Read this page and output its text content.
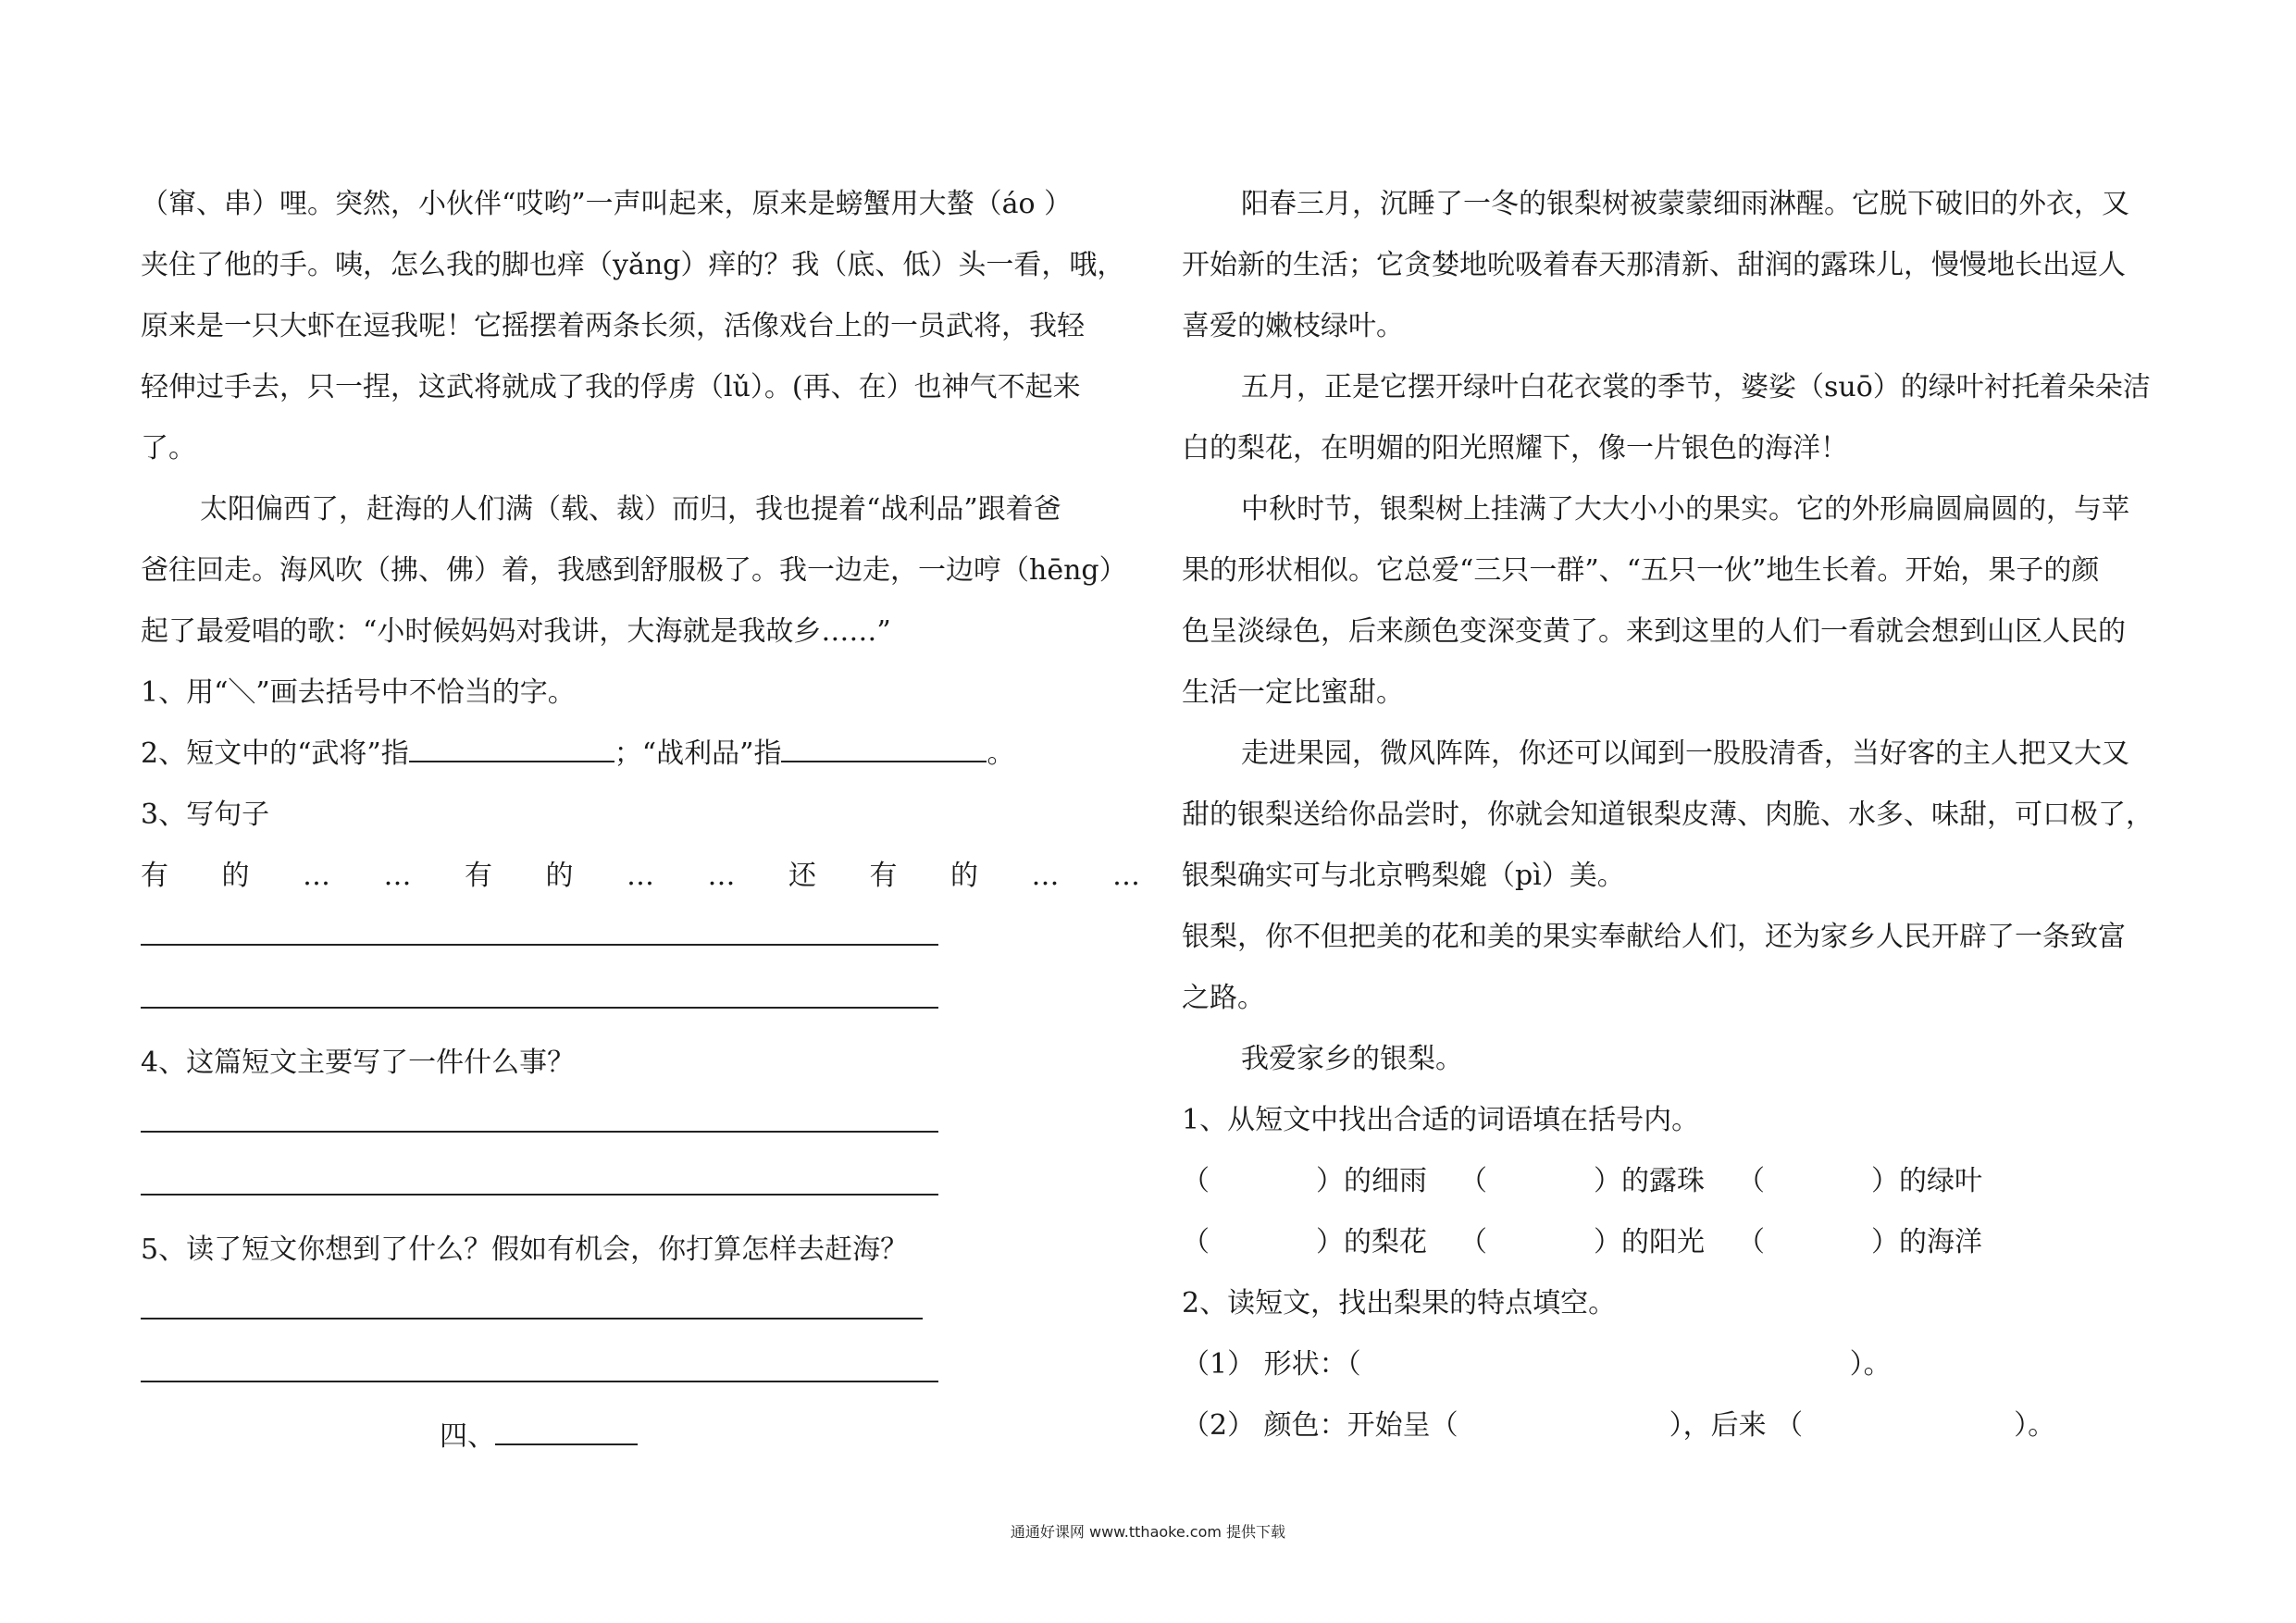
（窜、串）哩。突然，小伙伴“哎哟”一声叫起来，原来是螃蟹用大螯（áo ）
夹住了他的手。咦，怎么我的脚也痒（yǎng）痒的？我（底、低）头一看，哦，
原来是一只大虾在逗我呢！它摇摆着两条长须，活像戏台上的一员武将，我轻
轻伸过手去，只一捏，这武将就成了我的俘虏（lǔ）。(再、在）也神气不起来
了。
太阳偏西了，赶海的人们满（载、裁）而归，我也提着“战利品”跟着爸
爸往回走。海风吹（拂、佛）着，我感到舒服极了。我一边走，一边哼（hēng）
起了最爱唱的歌：“小时候妈妈对我讲，大海就是我故乡……”
1、用“＼”画去括号中不恰当的字。
2、短文中的“武将”指	；“战利品”指	。
3、写句子
有 的 … … 有 的 … … 还 有 的 … …
4、这篇短文主要写了一件什么事？
5、读了短文你想到了什么？假如有机会，你打算怎样去赶海？
四、
阳春三月，沉睡了一冬的银梨树被蒙蒙细雨淋醒。它脱下破旧的外衣，又
开始新的生活；它贪婪地吮吸着春天那清新、甜润的露珠儿，慢慢地长出逗人
喜爱的嫩枝绿叶。
五月，正是它摆开绿叶白花衣裳的季节，婆娑（suō）的绿叶衬托着朵朵洁
白的梨花，在明媚的阳光照耀下，像一片银色的海洋！
中秋时节，银梨树上挂满了大大小小的果实。它的外形扁圆扁圆的，与苹
果的形状相似。它总爱“三只一群”、“五只一伙”地生长着。开始，果子的颜
色呈淡绿色，后来颜色变深变黄了。来到这里的人们一看就会想到山区人民的
生活一定比蜜甜。
走进果园，微风阵阵，你还可以闻到一股股清香，当好客的主人把又大又
甜的银梨送给你品尝时，你就会知道银梨皮薄、肉脆、水多、味甜，可口极了，
银梨确实可与北京鸭梨媲（pì）美。
银梨，你不但把美的花和美的果实奉献给人们，还为家乡人民开辟了一条致富
之路。
我爱家乡的银梨。
1、从短文中找出合适的词语填在括号内。
（	）的细雨 （	）的露珠 （	）的绿叶
（	）的梨花 （	）的阳光 （	）的海洋
2、读短文，找出梨果的特点填空。
（1） 形状：（	）。
（2） 颜色：开始呈（	），后来 （	）。
通通好课网 www.tthaoke.com 提供下载
